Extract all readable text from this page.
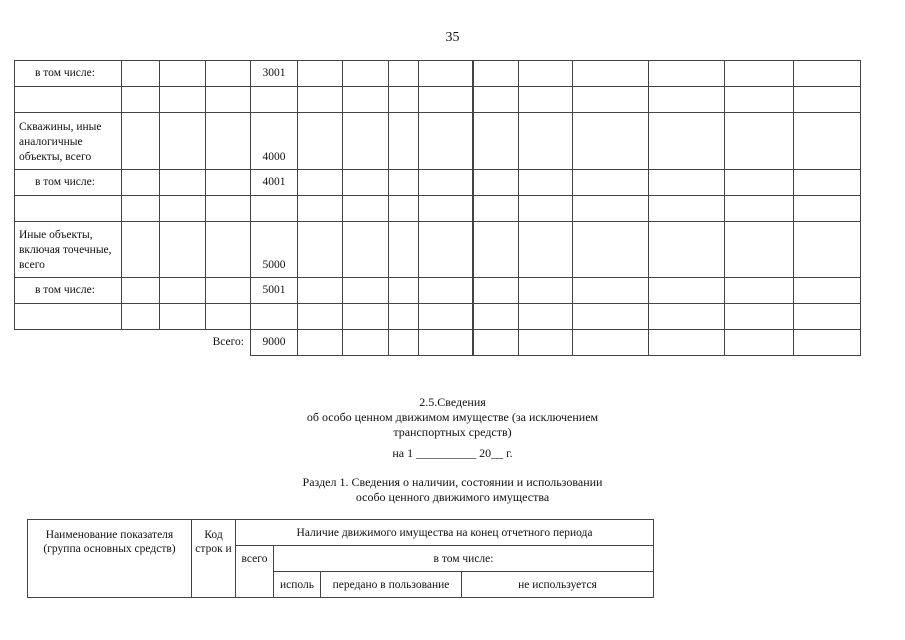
35
в том числе:				3001										

Скважины, иные аналогичные объекты, всего				4000										
в том числе:				4001										

Иные объекты, включая точечные, всего				5000										
в том числе:				5001										

Всего:				9000										
2.5.Сведения
об особо ценном движимом имуществе (за исключением
транспортных средств)
на 1 __________ 20__ г.
Раздел 1. Сведения о наличии, состоянии и использовании
особо ценного движимого имущества
Наименование показателя (группа основных средств)	Код строк и	Наличие движимого имущества на конец отчетного периода			
		всего	в том числе:		
			исполь	передано в пользование	не используется
